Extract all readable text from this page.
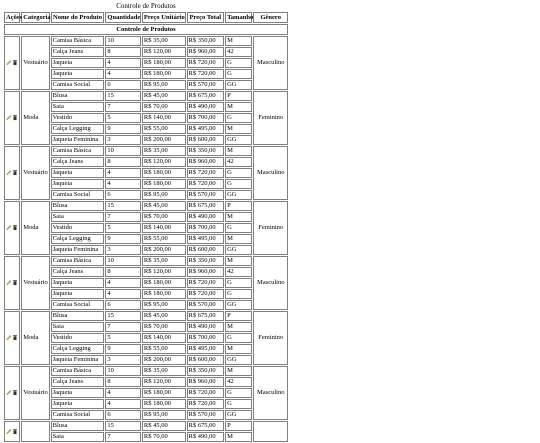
Controle de Produtos
Ações	Categoria	Nome do Produto	Quantidade	Preço Unitário	Preço Total	Tamanho	Gênero
Controle de Produtos							
	Vestuário	Camisa Básica	10	R$ 35,00	R$ 350,00	M	Masculino
		Calça Jeans	8	R$ 120,00	R$ 960,00	42	
		Jaqueta	4	R$ 180,00	R$ 720,00	G	
		Jaqueta	4	R$ 180,00	R$ 720,00	G	
		Camisa Social	6	R$ 95,00	R$ 570,00	GG	
	Moda	Blusa	15	R$ 45,00	R$ 675,00	P	Feminino
		Saia	7	R$ 70,00	R$ 490,00	M	
		Vestido	5	R$ 140,00	R$ 700,00	G	
		Calça Legging	9	R$ 55,00	R$ 495,00	M	
		Jaqueta Feminina	3	R$ 200,00	R$ 600,00	GG	
	Vestuário	Camisa Básica	10	R$ 35,00	R$ 350,00	M	Masculino
		Calça Jeans	8	R$ 120,00	R$ 960,00	42	
		Jaqueta	4	R$ 180,00	R$ 720,00	G	
		Jaqueta	4	R$ 180,00	R$ 720,00	G	
		Camisa Social	6	R$ 95,00	R$ 570,00	GG	
	Moda	Blusa	15	R$ 45,00	R$ 675,00	P	Feminino
		Saia	7	R$ 70,00	R$ 490,00	M	
		Vestido	5	R$ 140,00	R$ 700,00	G	
		Calça Legging	9	R$ 55,00	R$ 495,00	M	
		Jaqueta Feminina	3	R$ 200,00	R$ 600,00	GG	
	Vestuário	Camisa Básica	10	R$ 35,00	R$ 350,00	M	Masculino
		Calça Jeans	8	R$ 120,00	R$ 960,00	42	
		Jaqueta	4	R$ 180,00	R$ 720,00	G	
		Jaqueta	4	R$ 180,00	R$ 720,00	G	
		Camisa Social	6	R$ 95,00	R$ 570,00	GG	
	Moda	Blusa	15	R$ 45,00	R$ 675,00	P	Feminino
		Saia	7	R$ 70,00	R$ 490,00	M	
		Vestido	5	R$ 140,00	R$ 700,00	G	
		Calça Legging	9	R$ 55,00	R$ 495,00	M	
		Jaqueta Feminina	3	R$ 200,00	R$ 600,00	GG	
	Vestuário	Camisa Básica	10	R$ 35,00	R$ 350,00	M	Masculino
		Calça Jeans	8	R$ 120,00	R$ 960,00	42	
		Jaqueta	4	R$ 180,00	R$ 720,00	G	
		Jaqueta	4	R$ 180,00	R$ 720,00	G	
		Camisa Social	6	R$ 95,00	R$ 570,00	GG	
		Blusa	15	R$ 45,00	R$ 675,00	P	
		Saia	7	R$ 70,00	R$ 490,00	M	
